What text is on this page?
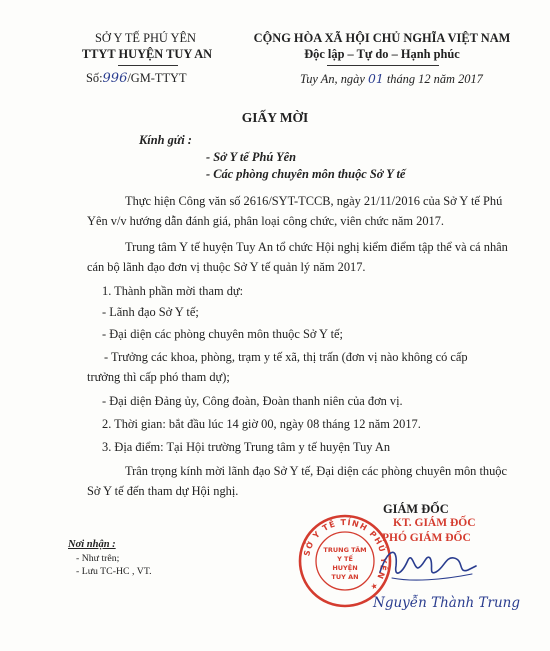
SỞ Y TẾ PHÚ YÊN
TTYT HUYỆN TUY AN
Số:996/GM-TTYT
CỘNG HÒA XÃ HỘI CHỦ NGHĨA VIỆT NAM
Độc lập – Tự do – Hạnh phúc
Tuy An, ngày 01 tháng 12 năm 2017
GIẤY MỜI
Kính gửi :
- Sở Y tế Phú Yên
- Các phòng chuyên môn thuộc Sở Y tế
Thực hiện Công văn số 2616/SYT-TCCB, ngày 21/11/2016 của Sở Y tế Phú
Yên v/v hướng dẫn đánh giá, phân loại công chức, viên chức năm 2017.
Trung tâm Y tế huyện Tuy An tổ chức Hội nghị kiểm điểm tập thể và cá nhân
cán bộ lãnh đạo đơn vị thuộc Sở Y tế quản lý năm 2017.
1. Thành phần mời tham dự:
- Lãnh đạo Sở Y tế;
- Đại diện các phòng chuyên môn thuộc Sở Y tế;
- Trưởng các khoa, phòng, trạm y tế xã, thị trấn (đơn vị nào không có cấp
trưởng thì cấp phó tham dự);
- Đại diện Đảng ủy, Công đoàn, Đoàn thanh niên của đơn vị.
2. Thời gian: bắt đầu lúc 14 giờ 00, ngày 08 tháng 12 năm 2017.
3. Địa điểm: Tại Hội trường Trung tâm y tế huyện Tuy An
Trân trọng kính mời lãnh đạo Sở Y tế, Đại diện các phòng chuyên môn thuộc
Sở Y tế đến tham dự Hội nghị.
Nơi nhận :
- Như trên;
- Lưu TC-HC , VT.
GIÁM ĐỐC
SỞ Y TẾ TỈNH PHÚ YÊN ★
TRUNG TÂM
Y TẾ
HUYỆN
TUY AN
KT. GIÁM ĐỐC
PHÓ GIÁM ĐỐC
Nguyễn Thành Trung
